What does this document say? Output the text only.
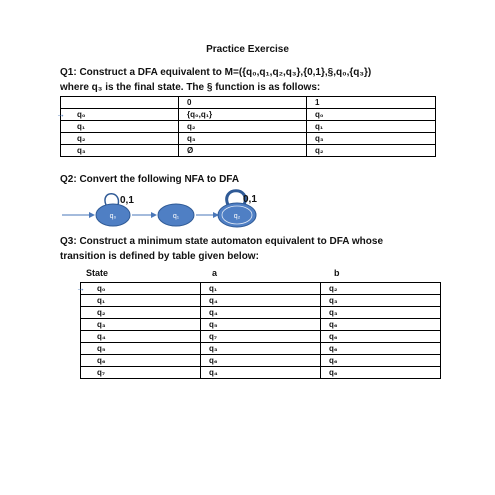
Practice Exercise
Q1: Construct a DFA equivalent to M=({q₀,q₁,q₂,q₃},{0,1},§,q₀,{q₃})
where q₃ is the final state. The § function is as follows:
	0	1
q₀	{q₀,q₁}	q₀
q₁	q₂	q₁
q₂	q₃	q₃
q₃	Ø	q₂
→
Q2: Convert the following NFA to DFA
q₀	q₁	q₂
0,1	0,1
Q3: Construct a minimum state automaton equivalent to DFA whose
transition is defined by table given below:
State	a	b
q₀	q₁	q₂
q₁	q₄	q₃
q₂	q₄	q₃
q₃	q₅	q₆
q₄	q₇	q₆
q₅	q₃	q₆
q₆	q₆	q₆
q₇	q₄	q₆
→
